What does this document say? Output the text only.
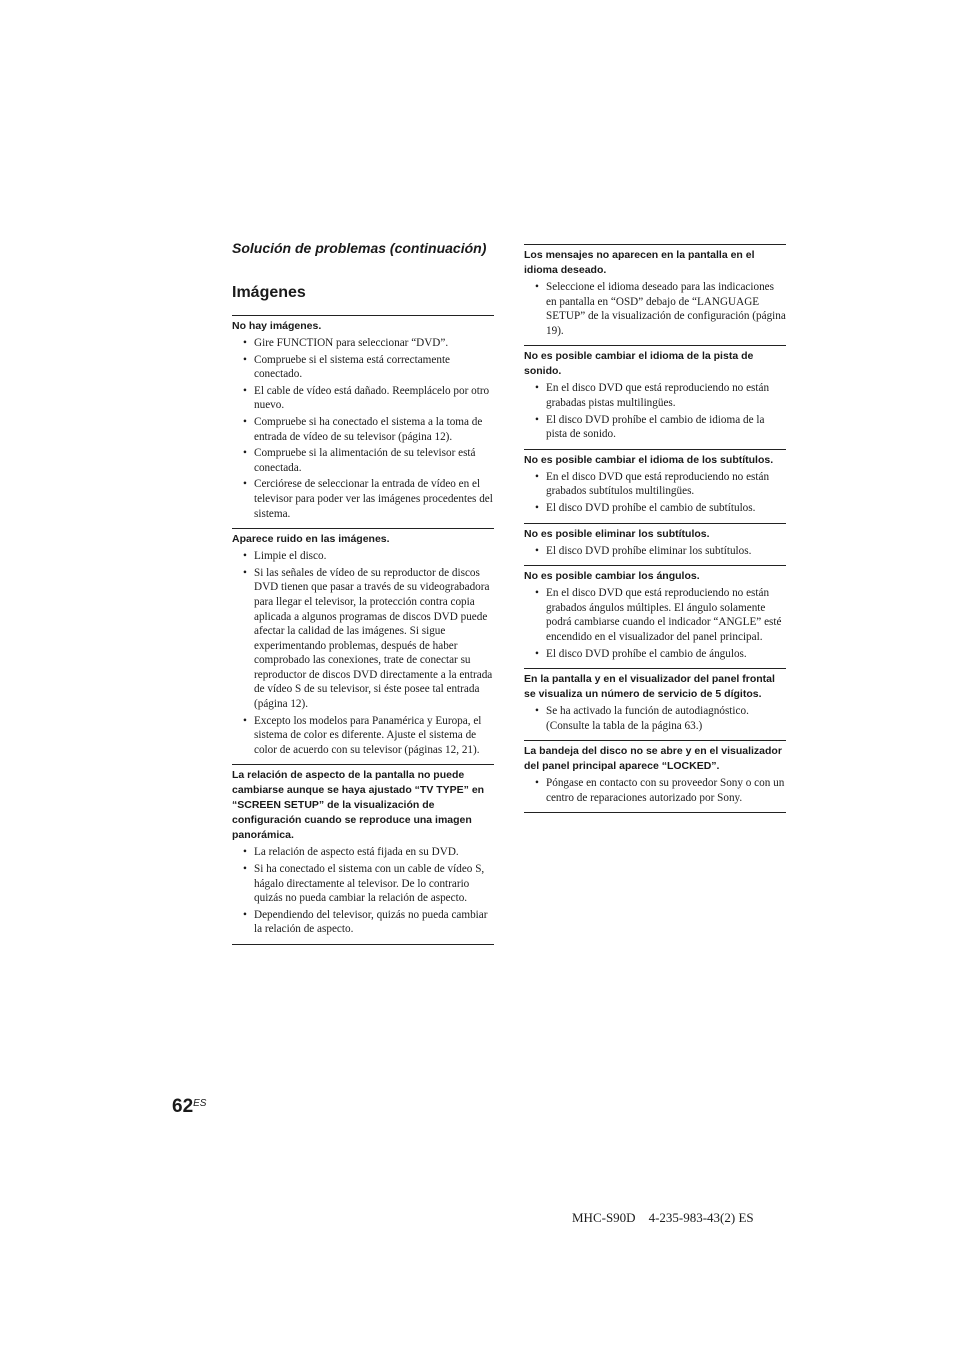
Solución de problemas (continuación)
Imágenes
No hay imágenes.
• Gire FUNCTION para seleccionar “DVD”.
• Compruebe si el sistema está correctamente conectado.
• El cable de vídeo está dañado. Reemplácelo por otro nuevo.
• Compruebe si ha conectado el sistema a la toma de entrada de vídeo de su televisor (página 12).
• Compruebe si la alimentación de su televisor está conectada.
• Cerciórese de seleccionar la entrada de vídeo en el televisor para poder ver las imágenes procedentes del sistema.
Aparece ruido en las imágenes.
• Limpie el disco.
• Si las señales de vídeo de su reproductor de discos DVD tienen que pasar a través de su videograbadora para llegar el televisor, la protección contra copia aplicada a algunos programas de discos DVD puede afectar la calidad de las imágenes. Si sigue experimentando problemas, después de haber comprobado las conexiones, trate de conectar su reproductor de discos DVD directamente a la entrada de vídeo S de su televisor, si éste posee tal entrada (página 12).
• Excepto los modelos para Panamérica y Europa, el sistema de color es diferente. Ajuste el sistema de color de acuerdo con su televisor (páginas 12, 21).
La relación de aspecto de la pantalla no puede cambiarse aunque se haya ajustado “TV TYPE” en “SCREEN SETUP” de la visualización de configuración cuando se reproduce una imagen panorámica.
• La relación de aspecto está fijada en su DVD.
• Si ha conectado el sistema con un cable de vídeo S, hágalo directamente al televisor. De lo contrario quizás no pueda cambiar la relación de aspecto.
• Dependiendo del televisor, quizás no pueda cambiar la relación de aspecto.
Los mensajes no aparecen en la pantalla en el idioma deseado.
• Seleccione el idioma deseado para las indicaciones en pantalla en “OSD” debajo de “LANGUAGE SETUP” de la visualización de configuración (página 19).
No es posible cambiar el idioma de la pista de sonido.
• En el disco DVD que está reproduciendo no están grabadas pistas multilingües.
• El disco DVD prohíbe el cambio de idioma de la pista de sonido.
No es posible cambiar el idioma de los subtítulos.
• En el disco DVD que está reproduciendo no están grabados subtítulos multilingües.
• El disco DVD prohíbe el cambio de subtítulos.
No es posible eliminar los subtítulos.
• El disco DVD prohíbe eliminar los subtítulos.
No es posible cambiar los ángulos.
• En el disco DVD que está reproduciendo no están grabados ángulos múltiples. El ángulo solamente podrá cambiarse cuando el indicador “ANGLE” esté encendido en el visualizador del panel principal.
• El disco DVD prohíbe el cambio de ángulos.
En la pantalla y en el visualizador del panel frontal se visualiza un número de servicio de 5 dígitos.
• Se ha activado la función de autodiagnóstico. (Consulte la tabla de la página 63.)
La bandeja del disco no se abre y en el visualizador del panel principal aparece “LOCKED”.
• Póngase en contacto con su proveedor Sony o con un centro de reparaciones autorizado por Sony.
$62^{ES}$
MHC-S90D    4-235-983-43(2) ES
